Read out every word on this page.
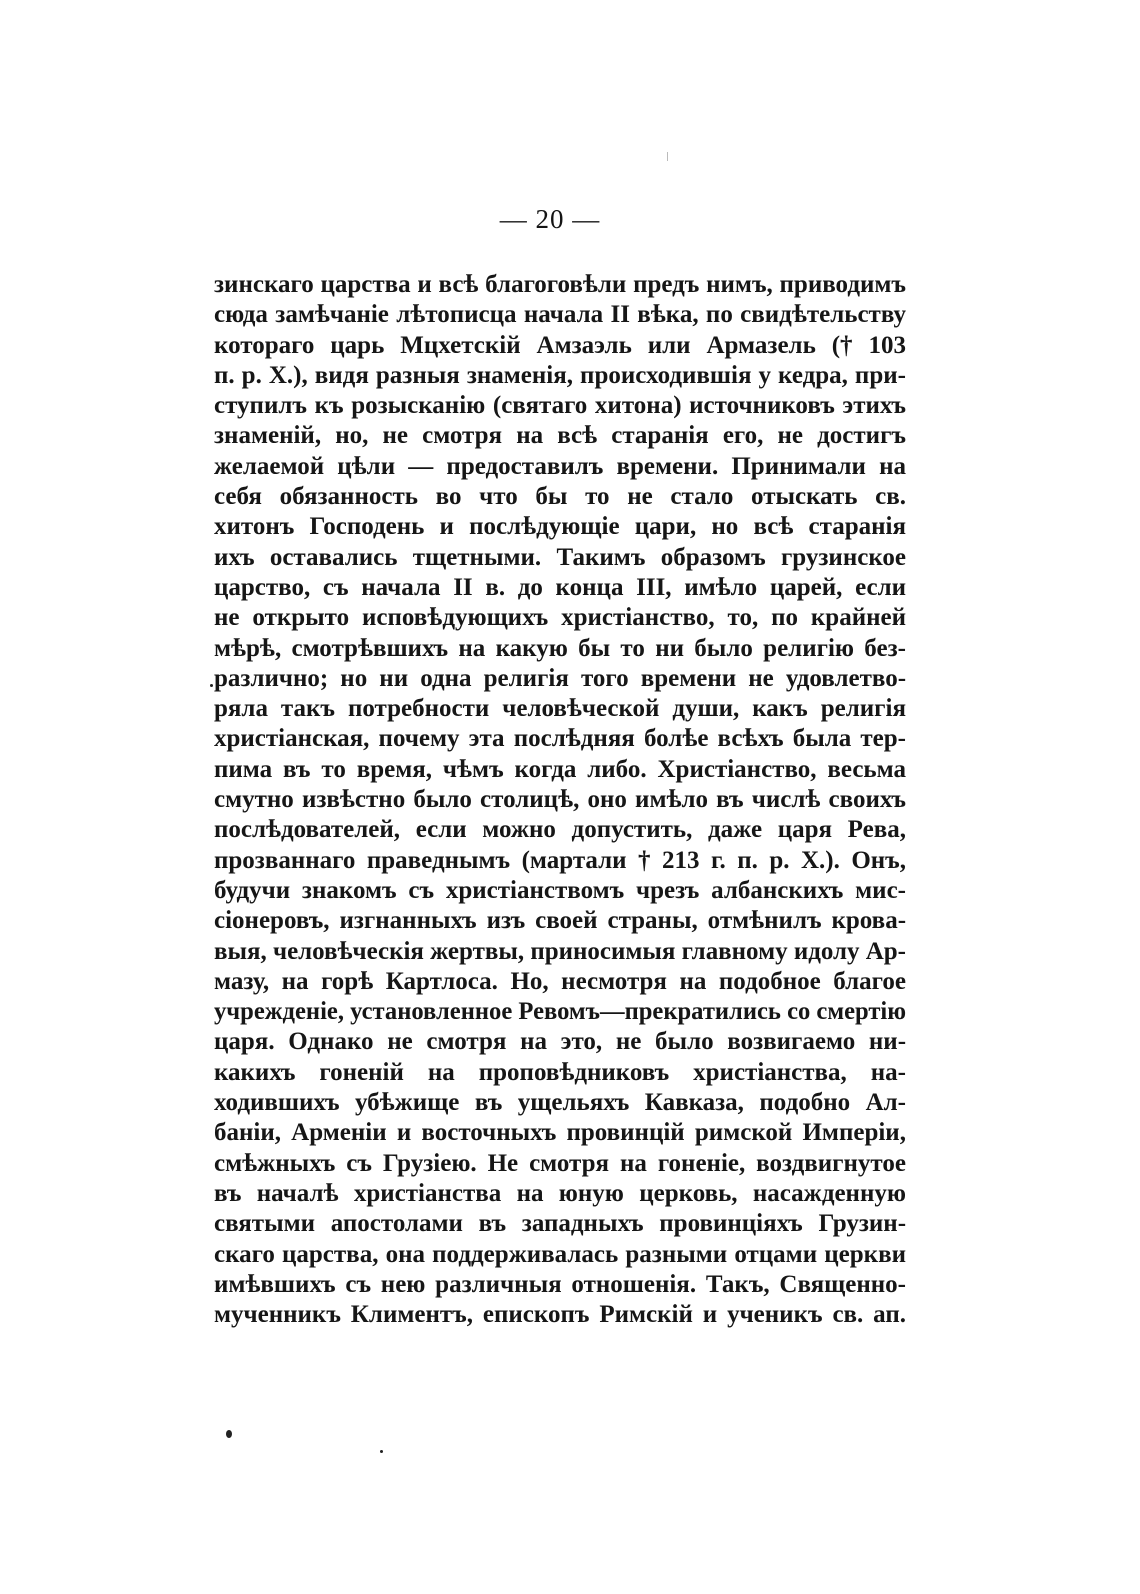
— 20 —
зинскаго царства и всѣ благоговѣли предъ нимъ, приводимъ
сюда замѣчаніе лѣтописца начала II вѣка, по свидѣтельству
котораго царь Мцхетскій Амзаэль или Армазель († 103
п. р. Х.), видя разныя знаменія, происходившія у кедра, при-
ступилъ къ розысканію (святаго хитона) источниковъ этихъ
знаменій, но, не смотря на всѣ старанія его, не достигъ
желаемой цѣли — предоставилъ времени. Принимали на
себя обязанность во что бы то не стало отыскать св.
хитонъ Господень и послѣдующіе цари, но всѣ старанія
ихъ оставались тщетными. Такимъ образомъ грузинское
царство, съ начала II в. до конца III, имѣло царей, если
не открыто исповѣдующихъ христіанство, то, по крайней
мѣрѣ, смотрѣвшихъ на какую бы то ни было религію без-
различно; но ни одна религія того времени не удовлетво-
ряла такъ потребности человѣческой души, какъ религія
христіанская, почему эта послѣдняя болѣе всѣхъ была тер-
пима въ то время, чѣмъ когда либо. Христіанство, весьма
смутно извѣстно было столицѣ, оно имѣло въ числѣ своихъ
послѣдователей, если можно допустить, даже царя Рева,
прозваннаго праведнымъ (мартали † 213 г. п. р. Х.). Онъ,
будучи знакомъ съ христіанствомъ чрезъ албанскихъ мис-
сіонеровъ, изгнанныхъ изъ своей страны, отмѣнилъ крова-
выя, человѣческія жертвы, приносимыя главному идолу Ар-
мазу, на горѣ Картлоса. Но, несмотря на подобное благое
учрежденіе, установленное Ревомъ—прекратились со смертію
царя. Однако не смотря на это, не было возвигаемо ни-
какихъ гоненій на проповѣдниковъ христіанства, на-
ходившихъ убѣжище въ ущельяхъ Кавказа, подобно Ал-
баніи, Арменіи и восточныхъ провинцій римской Имперіи,
смѣжныхъ съ Грузіею. Не смотря на гоненіе, воздвигнутое
въ началѣ христіанства на юную церковь, насажденную
святыми апостолами въ западныхъ провинціяхъ Грузин-
скаго царства, она поддерживалась разными отцами церкви
имѣвшихъ съ нею различныя отношенія. Такъ, Священно-
мученникъ Климентъ, епископъ Римскій и ученикъ св. ап.
